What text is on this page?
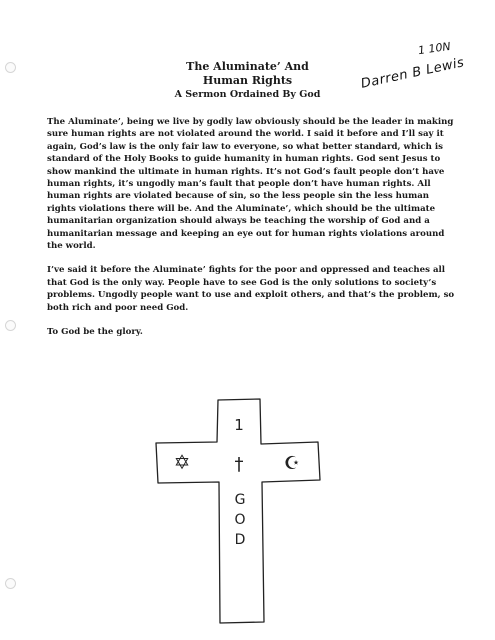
1 10N
Darren B Lewis
The Aluminate’ And
Human Rights
A Sermon Ordained By God

The Aluminate’, being we live by godly law obviously should be the leader in making sure human rights are not violated around the world. I said it before and I’ll say it again, God’s law is the only fair law to everyone, so what better standard, which is standard of the Holy Books to guide humanity in human rights. God sent Jesus to show mankind the ultimate in human rights. It’s not God’s fault people don’t have human rights, it’s ungodly man’s fault that people don’t have human rights. All human rights are violated because of sin, so the less people sin the less human rights violations there will be. And the Aluminate’, which should be the ultimate humanitarian organization should always be teaching the worship of God and a humanitarian message and keeping an eye out for human rights violations around the world.

I’ve said it before the Aluminate’ fights for the poor and oppressed and teaches all that God is the only way. People have to see God is the only solutions to society’s problems. Ungodly people want to use and exploit others, and that’s the problem, so both rich and poor need God.

To God be the glory.

1
†
✡	☪
G
O
D
